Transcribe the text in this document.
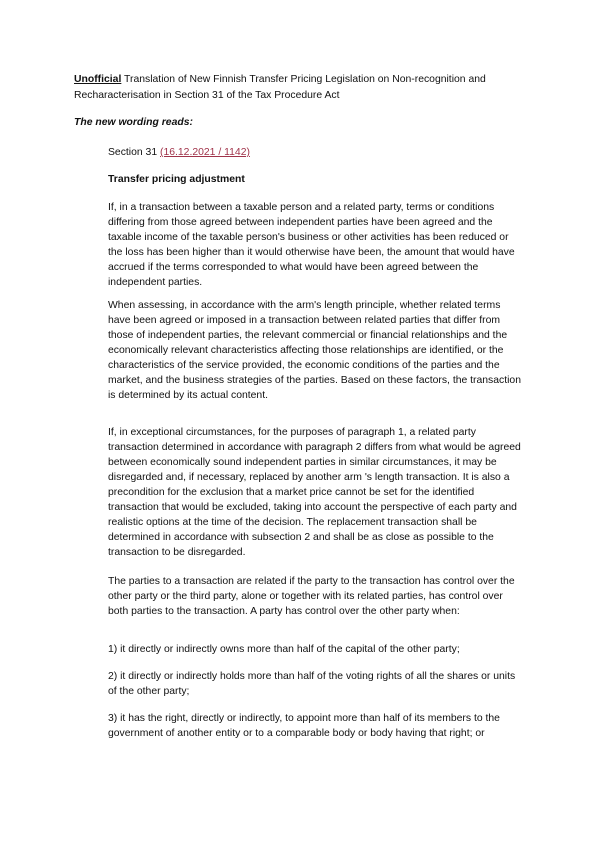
Unofficial Translation of New Finnish Transfer Pricing Legislation on Non-recognition and Recharacterisation in Section 31 of the Tax Procedure Act
The new wording reads:

Section 31 (16.12.2021 / 1142)

Transfer pricing adjustment

If, in a transaction between a taxable person and a related party, terms or conditions differing from those agreed between independent parties have been agreed and the taxable income of the taxable person's business or other activities has been reduced or the loss has been higher than it would otherwise have been, the amount that would have accrued if the terms corresponded to what would have been agreed between the independent parties.

When assessing, in accordance with the arm's length principle, whether related terms have been agreed or imposed in a transaction between related parties that differ from those of independent parties, the relevant commercial or financial relationships and the economically relevant characteristics affecting those relationships are identified, or the characteristics of the service provided, the economic conditions of the parties and the market, and the business strategies of the parties. Based on these factors, the transaction is determined by its actual content.

If, in exceptional circumstances, for the purposes of paragraph 1, a related party transaction determined in accordance with paragraph 2 differs from what would be agreed between economically sound independent parties in similar circumstances, it may be disregarded and, if necessary, replaced by another arm 's length transaction. It is also a precondition for the exclusion that a market price cannot be set for the identified transaction that would be excluded, taking into account the perspective of each party and realistic options at the time of the decision. The replacement transaction shall be determined in accordance with subsection 2 and shall be as close as possible to the transaction to be disregarded.

The parties to a transaction are related if the party to the transaction has control over the other party or the third party, alone or together with its related parties, has control over both parties to the transaction. A party has control over the other party when:

1) it directly or indirectly owns more than half of the capital of the other party;

2) it directly or indirectly holds more than half of the voting rights of all the shares or units of the other party;

3) it has the right, directly or indirectly, to appoint more than half of its members to the government of another entity or to a comparable body or body having that right; or
